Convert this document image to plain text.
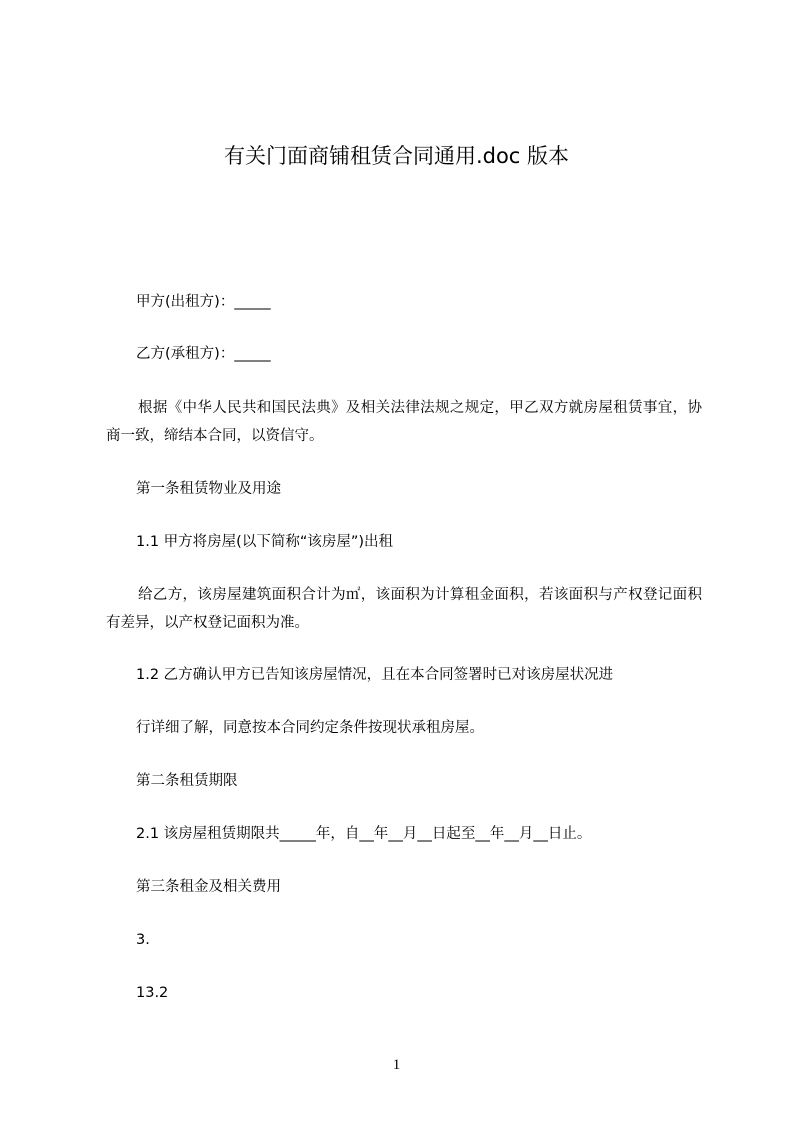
有关门面商铺租赁合同通用.doc 版本
甲方(出租方)：_____
乙方(承租方)：_____
根据《中华人民共和国民法典》及相关法律法规之规定，甲乙双方就房屋租赁事宜，协商一致，缔结本合同，以资信守。
第一条租赁物业及用途
1.1 甲方将房屋(以下简称“该房屋”)出租
给乙方，该房屋建筑面积合计为㎡，该面积为计算租金面积，若该面积与产权登记面积有差异，以产权登记面积为准。
1.2 乙方确认甲方已告知该房屋情况，且在本合同签署时已对该房屋状况进
行详细了解，同意按本合同约定条件按现状承租房屋。
第二条租赁期限
2.1 该房屋租赁期限共_____年，自__年__月__日起至__年__月__日止。
第三条租金及相关费用
3.
13.2
1
